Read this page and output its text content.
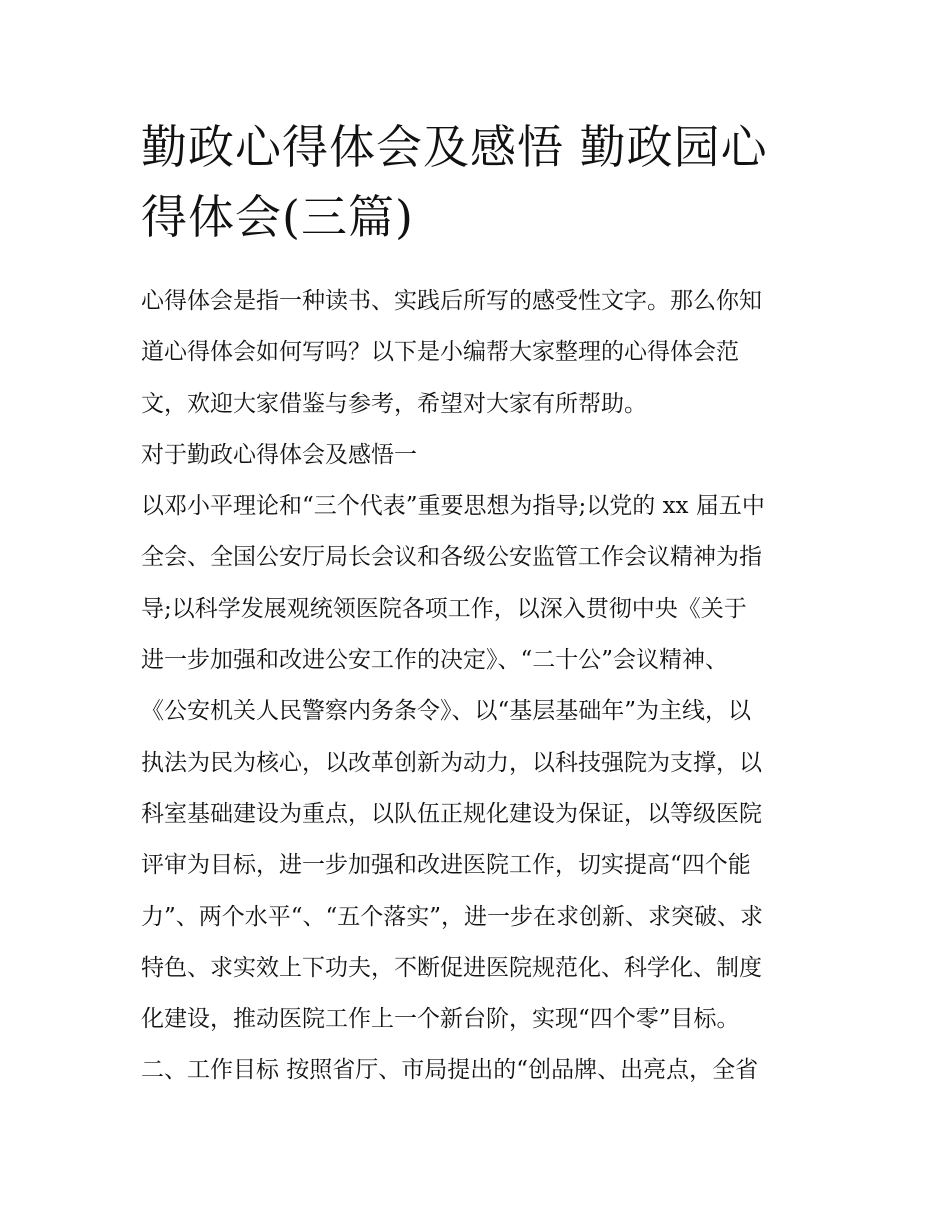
勤政心得体会及感悟 勤政园心
得体会(三篇)
心得体会是指一种读书、实践后所写的感受性文字。那么你知
道心得体会如何写吗？以下是小编帮大家整理的心得体会范
文，欢迎大家借鉴与参考，希望对大家有所帮助。
对于勤政心得体会及感悟一
以邓小平理论和“三个代表”重要思想为指导;以党的 xx 届五中
全会、全国公安厅局长会议和各级公安监管工作会议精神为指
导;以科学发展观统领医院各项工作，以深入贯彻中央《关于
进一步加强和改进公安工作的决定》、“二十公”会议精神、
《公安机关人民警察内务条令》、以“基层基础年”为主线，以
执法为民为核心，以改革创新为动力，以科技强院为支撑，以
科室基础建设为重点，以队伍正规化建设为保证，以等级医院
评审为目标，进一步加强和改进医院工作，切实提高“四个能
力”、两个水平“、“五个落实”，进一步在求创新、求突破、求
特色、求实效上下功夫，不断促进医院规范化、科学化、制度
化建设，推动医院工作上一个新台阶，实现“四个零”目标。
二、工作目标 按照省厅、市局提出的“创品牌、出亮点，全省
